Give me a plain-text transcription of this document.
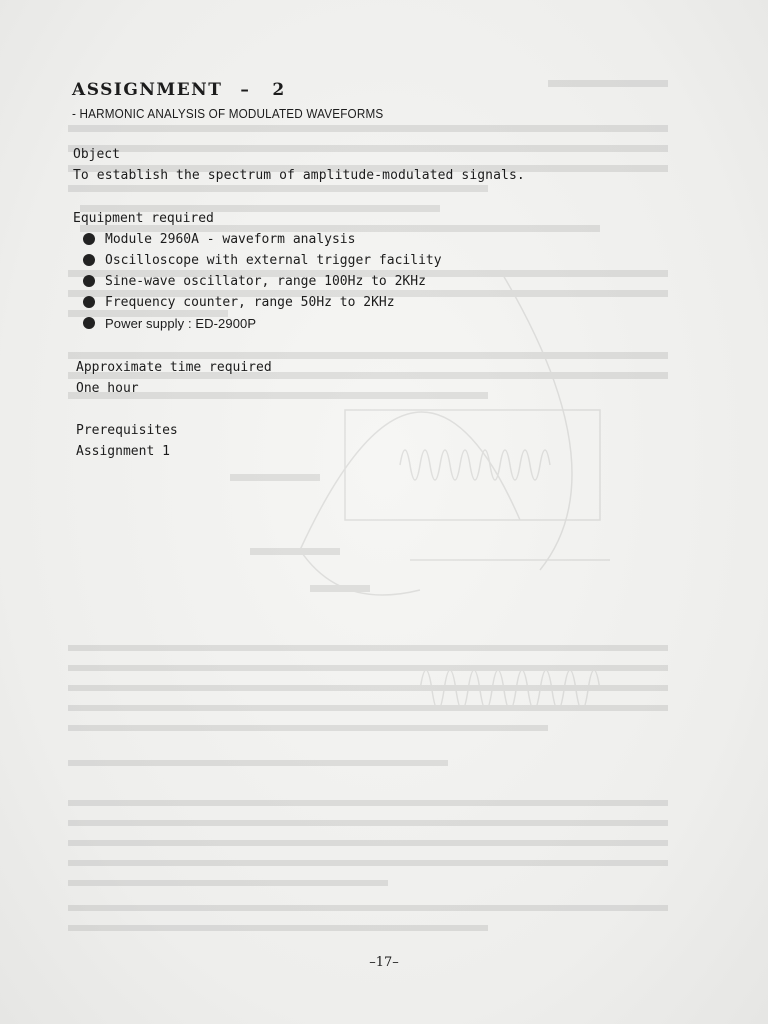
ASSIGNMENT – 2
- HARMONIC ANALYSIS OF MODULATED WAVEFORMS
Object
To establish the spectrum of amplitude-modulated signals.
Equipment required
Module 2960A - waveform analysis
Oscilloscope with external trigger facility
Sine-wave oscillator, range 100Hz to 2KHz
Frequency counter, range 50Hz to 2KHz
Power supply : ED-2900P
Approximate time required
One hour
Prerequisites
Assignment 1
–17–
